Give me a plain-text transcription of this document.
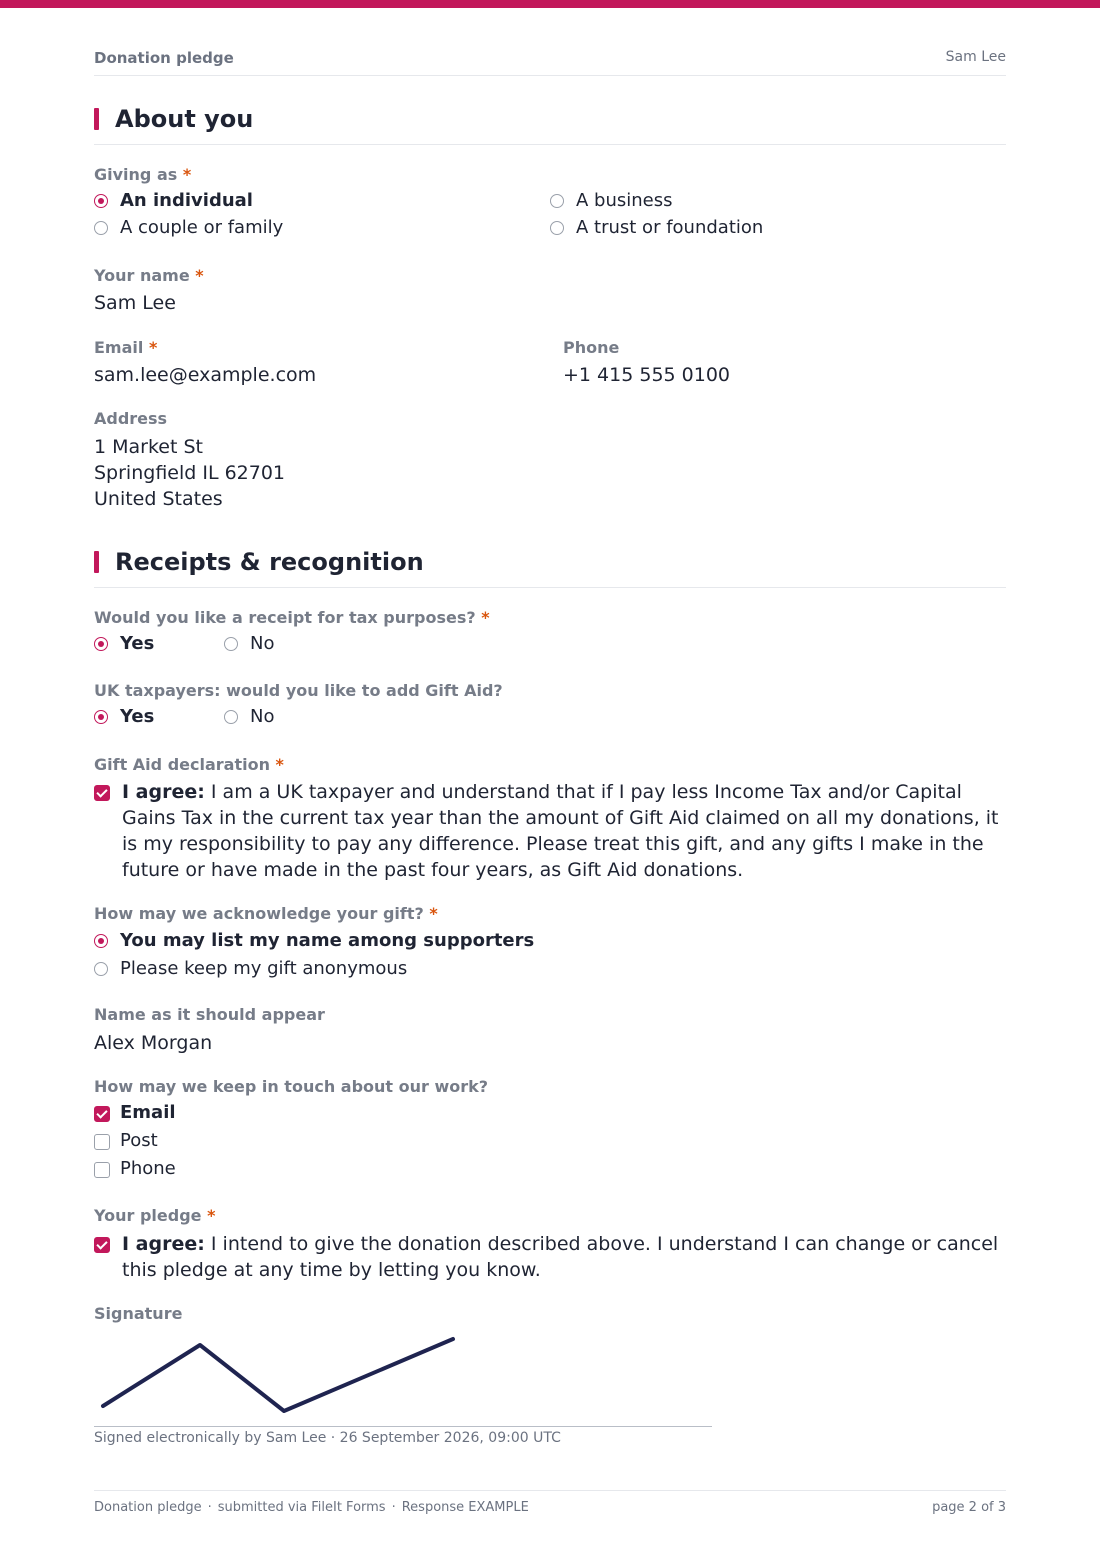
Donation pledge	Sam Lee
About you
Giving as *
An individual	A business
A couple or family	A trust or foundation
Your name *
Sam Lee
Email *
sam.lee@example.com
Phone
+1 415 555 0100
Address
1 Market St
Springfield IL 62701
United States
Receipts & recognition
Would you like a receipt for tax purposes? *
Yes	No
UK taxpayers: would you like to add Gift Aid?
Yes	No
Gift Aid declaration *
I agree: I am a UK taxpayer and understand that if I pay less Income Tax and/or Capital Gains Tax in the current tax year than the amount of Gift Aid claimed on all my donations, it is my responsibility to pay any difference. Please treat this gift, and any gifts I make in the future or have made in the past four years, as Gift Aid donations.
How may we acknowledge your gift? *
You may list my name among supporters
Please keep my gift anonymous
Name as it should appear
Alex Morgan
How may we keep in touch about our work?
Email
Post
Phone
Your pledge *
I agree: I intend to give the donation described above. I understand I can change or cancel this pledge at any time by letting you know.
Signature
Signed electronically by Sam Lee · 26 September 2026, 09:00 UTC
Donation pledge · submitted via FileIt Forms · Response EXAMPLE	page 2 of 3
